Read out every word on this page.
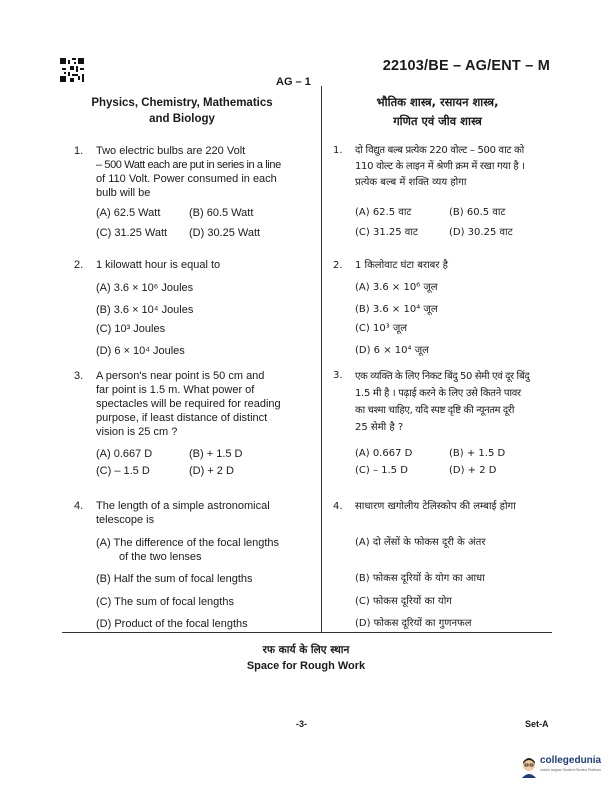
22103/BE – AG/ENT – M
AG – 1
Physics, Chemistry, Mathematics
and Biology
1. Two electric bulbs are 220 Volt
– 500 Watt each are put in series in a line
of 110 Volt. Power consumed in each
bulb will be
(A) 62.5 Watt	(B) 60.5 Watt
(C) 31.25 Watt (D) 30.25 Watt
2. 1 kilowatt hour is equal to
(A) 3.6 × 10⁶ Joules
(B) 3.6 × 10⁴ Joules
(C) 10³ Joules
(D) 6 × 10⁴ Joules
3. A person's near point is 50 cm and
far point is 1.5 m. What power of
spectacles will be required for reading
purpose, if least distance of distinct
vision is 25 cm ?
(A) 0.667 D	(B) + 1.5 D
(C) – 1.5 D	(D) + 2 D
4. The length of a simple astronomical
telescope is
(A) The difference of the focal lengths
of the two lenses
(B) Half the sum of focal lengths
(C) The sum of focal lengths
(D) Product of the focal lengths
भौतिक शास्त्र, रसायन शास्त्र,
गणित एवं जीव शास्त्र
1. दो विद्युत बल्ब प्रत्येक 220 वोल्ट – 500 वाट को
110 वोल्ट के लाइन में श्रेणी क्रम में रखा गया है ।
प्रत्येक बल्ब में शक्ति व्यय होगा
(A) 62.5 वाट	(B) 60.5 वाट
(C) 31.25 वाट	(D) 30.25 वाट
2. 1 किलोवाट घंटा बराबर है
(A) 3.6 × 10⁶ जूल
(B) 3.6 × 10⁴ जूल
(C) 10³ जूल
(D) 6 × 10⁴ जूल
3. एक व्यक्ति के लिए निकट बिंदु 50 सेमी एवं दूर बिंदु
1.5 मी है । पढ़ाई करने के लिए उसे कितने पावर
का चश्मा चाहिए, यदि स्पष्ट दृष्टि की न्यूनतम दूरी
25 सेमी है ?
(A) 0.667 D	(B) + 1.5 D
(C) – 1.5 D	(D) + 2 D
4. साधारण खगोलीय टेलिस्कोप की लम्बाई होगा
(A) दो लेंसों के फोकस दूरी के अंतर
(B) फोकस दूरियों के योग का आधा
(C) फोकस दूरियों का योग
(D) फोकस दूरियों का गुणनफल
रफ कार्य के लिए स्थान
Space for Rough Work
-3-	Set-A
collegedunia
India's largest Student Review Platform
